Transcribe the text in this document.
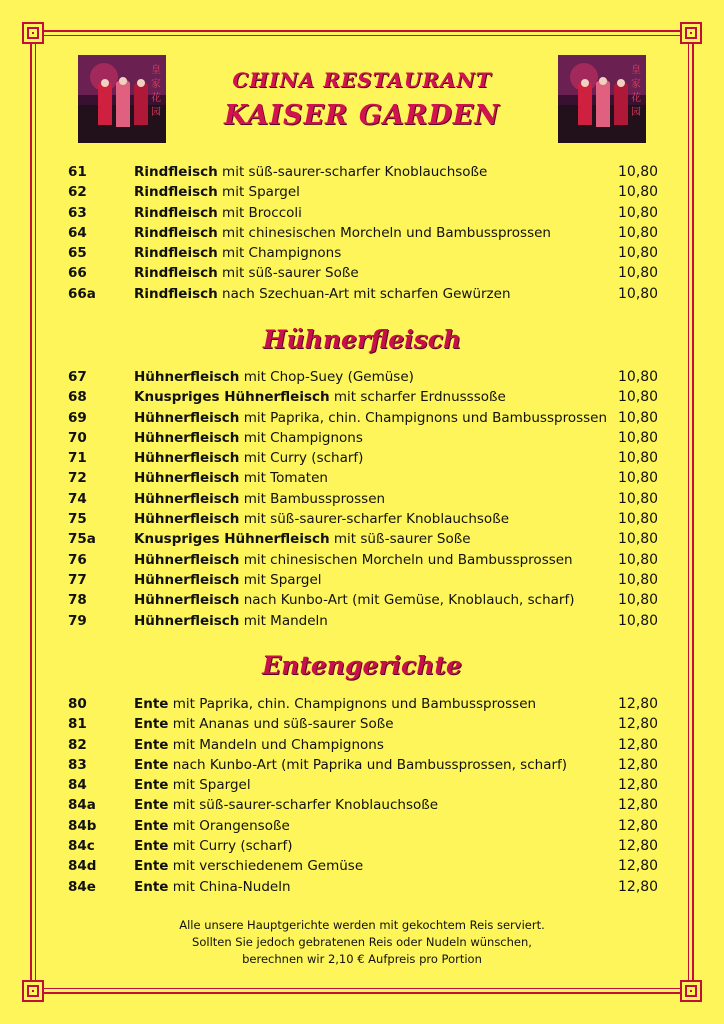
皇
家
花
园
皇
家
花
园
CHINA RESTAURANT
KAISER GARDEN
61	Rindfleisch mit süß-saurer-scharfer Knoblauchsoße	10,80
62	Rindfleisch mit Spargel	10,80
63	Rindfleisch mit Broccoli	10,80
64	Rindfleisch mit chinesischen Morcheln und Bambussprossen	10,80
65	Rindfleisch mit Champignons	10,80
66	Rindfleisch mit süß-saurer Soße	10,80
66a	Rindfleisch nach Szechuan-Art mit scharfen Gewürzen	10,80
Hühnerfleisch
67	Hühnerfleisch mit Chop-Suey (Gemüse)	10,80
68	Knuspriges Hühnerfleisch mit scharfer Erdnusssoße	10,80
69	Hühnerfleisch mit Paprika, chin. Champignons und Bambussprossen 10,80
70	Hühnerfleisch mit Champignons	10,80
71	Hühnerfleisch mit Curry (scharf)	10,80
72	Hühnerfleisch mit Tomaten	10,80
74	Hühnerfleisch mit Bambussprossen	10,80
75	Hühnerfleisch mit süß-saurer-scharfer Knoblauchsoße	10,80
75a	Knuspriges Hühnerfleisch mit süß-saurer Soße	10,80
76	Hühnerfleisch mit chinesischen Morcheln und Bambussprossen	10,80
77	Hühnerfleisch mit Spargel	10,80
78	Hühnerfleisch nach Kunbo-Art (mit Gemüse, Knoblauch, scharf)	10,80
79	Hühnerfleisch mit Mandeln	10,80
Entengerichte
80	Ente mit Paprika, chin. Champignons und Bambussprossen	12,80
81	Ente mit Ananas und süß-saurer Soße	12,80
82	Ente mit Mandeln und Champignons	12,80
83	Ente nach Kunbo-Art (mit Paprika und Bambussprossen, scharf)	12,80
84	Ente mit Spargel	12,80
84a	Ente mit süß-saurer-scharfer Knoblauchsoße	12,80
84b	Ente mit Orangensoße	12,80
84c	Ente mit Curry (scharf)	12,80
84d	Ente mit verschiedenem Gemüse	12,80
84e	Ente mit China-Nudeln	12,80
Alle unsere Hauptgerichte werden mit gekochtem Reis serviert.
Sollten Sie jedoch gebratenen Reis oder Nudeln wünschen,
berechnen wir 2,10 € Aufpreis pro Portion
